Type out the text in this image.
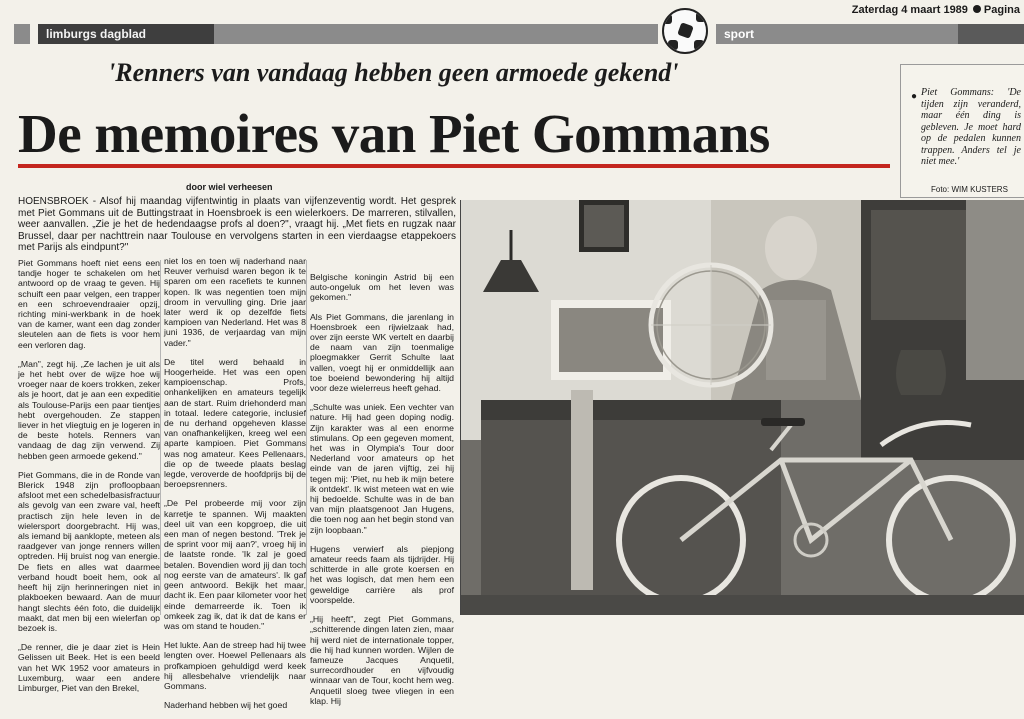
Zaterdag 4 maart 1989 Pagina
limburgs dagblad	sport
'Renners van vandaag hebben geen armoede gekend'
De memoires van Piet Gommans
● Piet Gommans: 'De tijden zijn veranderd, maar één ding is gebleven. Je moet hard op de pedalen kunnen trappen. Anders tel je niet mee.'
Foto: WIM KUSTERS
door wiel verheesen

HOENSBROEK - Alsof hij maandag vijfentwintig in plaats van vijfenzeventig wordt. Het gesprek met Piet Gommans uit de Buttingstraat in Hoensbroek is een wielerkoers. De marreren, stilvallen, weer aanvallen. „Zie je het de hedendaagse profs al doen?", vraagt hij. „Met fiets en rugzak naar Brussel, daar per nachttrein naar Toulouse en vervolgens starten in een vierdaagse etappekoers met Parijs als eindpunt?"

Piet Gommans hoeft niet eens een tandje hoger te schakelen om het antwoord op de vraag te geven. Hij schuift een paar velgen, een trapper en een schroevendraaier opzij, richting mini-werkbank in de hoek van de kamer, want een dag zonder sleutelen aan de fiets is voor hem een verloren dag.

„Man", zegt hij. „Ze lachen je uit als je het hebt over de wijze hoe wij vroeger naar de koers trokken, zeker als je hoort, dat je aan een expeditie als Toulouse-Parijs een paar tientjes hebt overgehouden. Ze stappen liever in het vliegtuig en je logeren in de beste hotels. Renners van vandaag de dag zijn verwend. Zij hebben geen armoede gekend."

Piet Gommans, die in de Ronde van Blerick 1948 zijn profloopbaan afsloot met een schedelbasisfractuur als gevolg van een zware val, heeft practisch zijn hele leven in de wielersport doorgebracht. Hij was, als iemand bij aanklopte, meteen als raadgever van jonge renners willen optreden. Hij bruist nog van energie. De fiets en alles wat daarmee verband houdt boeit hem, ook al heeft hij zijn herinneringen niet in plakboeken bewaard. Aan de muur hangt slechts één foto, die duidelijk maakt, dat men bij een wielerfan op bezoek is.

„De renner, die je daar ziet is Hein Gelissen uit Beek. Het is een beeld van het WK 1952 voor amateurs in Luxemburg, waar een andere Limburger, Piet van den Brekel,

niet los en toen wij naderhand naar Reuver verhuisd waren begon ik te sparen om een racefiets te kunnen kopen. Ik was negentien toen mijn droom in vervulling ging. Drie jaar later werd ik op dezelfde fiets kampioen van Nederland. Het was 8 juni 1936, de verjaardag van mijn vader."

De titel werd behaald in Hoogerheide. Het was een open kampioenschap. Profs, onhankelijken en amateurs tegelijk aan de start. Ruim driehonderd man in totaal. Iedere categorie, inclusief de nu derhand opgeheven klasse van onafhankelijken, kreeg wel een aparte kampioen. Piet Gommans was nog amateur. Kees Pellenaars, die op de tweede plaats beslag legde, veroverde de hoofdprijs bij de beroepsrenners.

„De Pel probeerde mij voor zijn karretje te spannen. Wij maakten deel uit van een kopgroep, die uit een man of negen bestond. 'Trek je de sprint voor mij aan?', vroeg hij in de laatste ronde. 'Ik zal je goed betalen. Bovendien word jij dan toch nog eerste van de amateurs'. Ik gaf geen antwoord. Bekijk het maar, dacht ik. Een paar kilometer voor het einde demarreerde ik. Toen ik omkeek zag ik, dat ik dat de kans er was om stand te houden."

Het lukte. Aan de streep had hij twee lengten over. Hoewel Pellenaars als profkampioen gehuldigd werd keek hij allesbehalve vriendelijk naar Gommans.

Naderhand hebben wij het goed

Belgische koningin Astrid bij een auto-ongeluk om het leven was gekomen."

Als Piet Gommans, die jarenlang in Hoensbroek een rijwielzaak had, over zijn eerste WK vertelt en daarbij de naam van zijn toenmalige ploegmakker Gerrit Schulte laat vallen, voegt hij er onmiddellijk aan toe boeiend bewondering hij altijd voor deze wielerreus heeft gehad.

„Schulte was uniek. Een vechter van nature. Hij had geen doping nodig. Zijn karakter was al een enorme stimulans. Op een gegeven moment, het was in Olympia's Tour door Nederland voor amateurs op het einde van de jaren vijftig, zei hij tegen mij: 'Piet, nu heb ik mijn betere ik ontdekt'. Ik wist meteen wat en wie hij bedoelde. Schulte was in de ban van mijn plaatsgenoot Jan Hugens, die toen nog aan het begin stond van zijn loopbaan."

Hugens verwierf als piepjong amateur reeds faam als tijdrijder. Hij schitterde in alle grote koersen en het was logisch, dat men hem een geweldige carrière als prof voorspelde.

„Hij heeft", zegt Piet Gommans, „schitterende dingen laten zien, maar hij werd niet de internationale topper, die hij had kunnen worden. Wijlen de fameuze Jacques Anquetil, surrecordhouder en vijfvoudig winnaar van de Tour, kocht hem weg. Anquetil sloeg twee vliegen in een klap. Hij
